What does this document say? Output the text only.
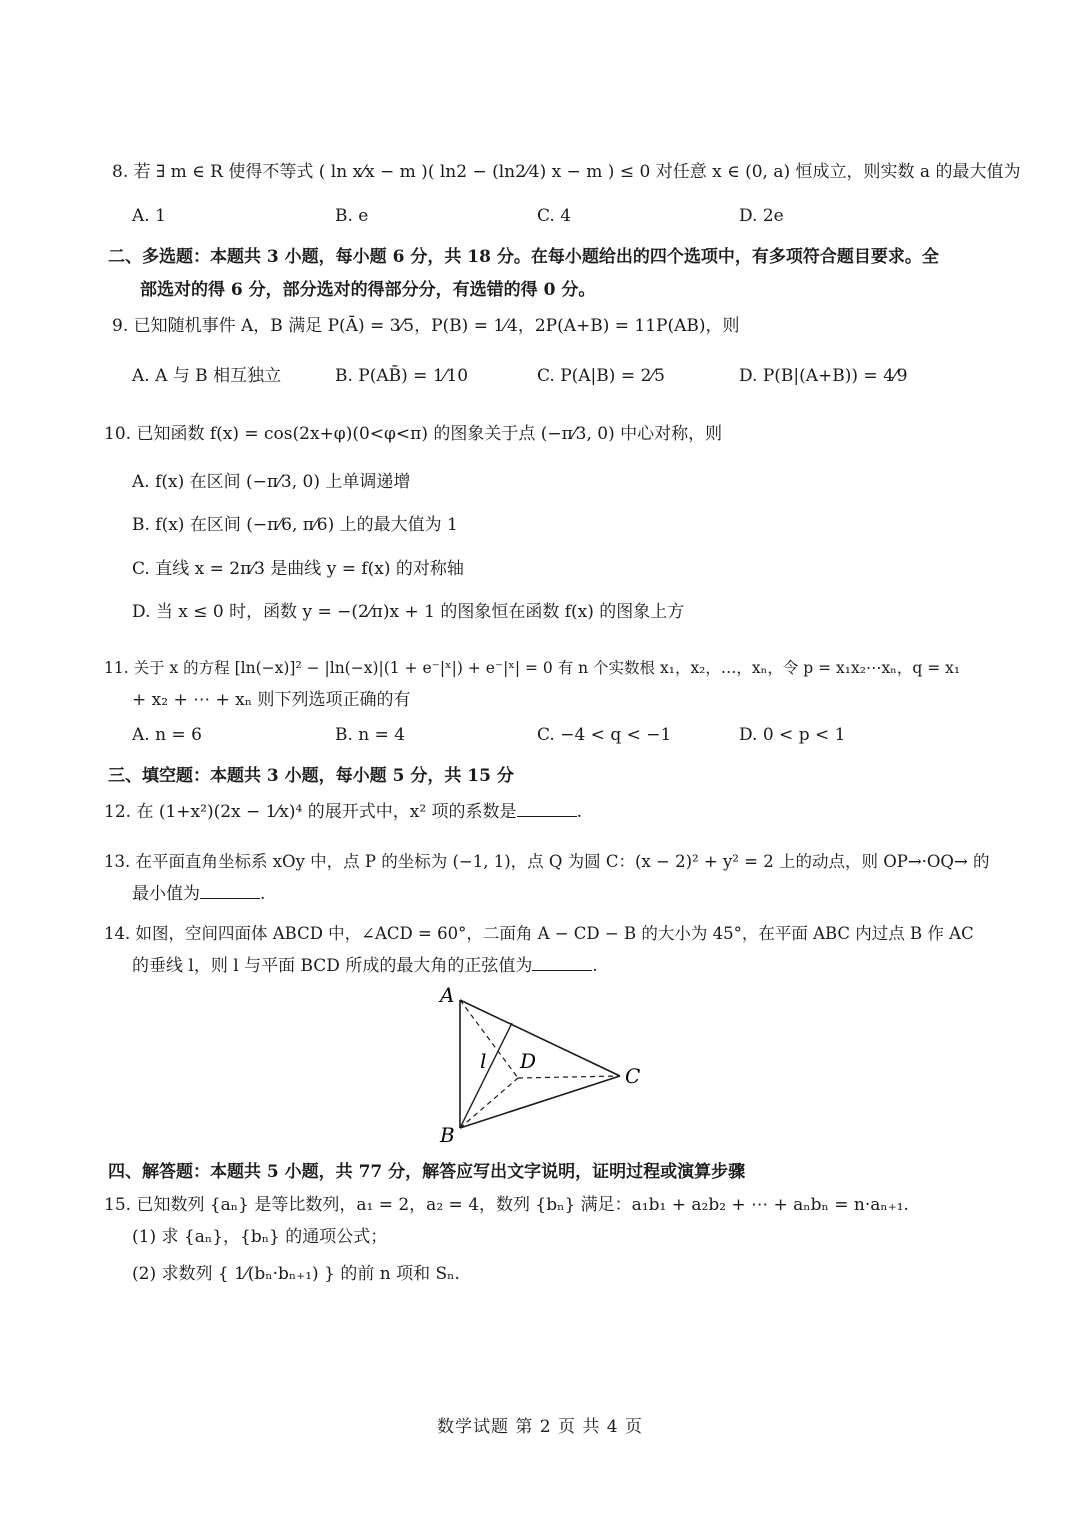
8. 若 ∃ m ∈ R 使得不等式 ( ln x⁄x − m )( ln2 − (ln2⁄4) x − m ) ≤ 0 对任意 x ∈ (0, a) 恒成立，则实数 a 的最大值为
A. 1	B. e	C. 4	D. 2e
二、多选题：本题共 3 小题，每小题 6 分，共 18 分。在每小题给出的四个选项中，有多项符合题目要求。全
部选对的得 6 分，部分选对的得部分分，有选错的得 0 分。
9. 已知随机事件 A，B 满足 P(Ā) = 3⁄5，P(B) = 1⁄4，2P(A+B) = 11P(AB)，则
A. A 与 B 相互独立	B. P(AB̄) = 1⁄10	C. P(A|B) = 2⁄5	D. P(B|(A+B)) = 4⁄9
10. 已知函数 f(x) = cos(2x+φ)(0<φ<π) 的图象关于点 (−π⁄3, 0) 中心对称，则
A. f(x) 在区间 (−π⁄3, 0) 上单调递增
B. f(x) 在区间 (−π⁄6, π⁄6) 上的最大值为 1
C. 直线 x = 2π⁄3 是曲线 y = f(x) 的对称轴
D. 当 x ≤ 0 时，函数 y = −(2⁄π)x + 1 的图象恒在函数 f(x) 的图象上方
11. 关于 x 的方程 [ln(−x)]² − |ln(−x)|(1 + e⁻|ˣ|) + e⁻|ˣ| = 0 有 n 个实数根 x₁，x₂，…，xₙ，令 p = x₁x₂⋯xₙ，q = x₁
+ x₂ + ⋯ + xₙ 则下列选项正确的有
A. n = 6	B. n = 4	C. −4 < q < −1	D. 0 < p < 1
三、填空题：本题共 3 小题，每小题 5 分，共 15 分
12. 在 (1+x²)(2x − 1⁄x)⁴ 的展开式中，x² 项的系数是	.
13. 在平面直角坐标系 xOy 中，点 P 的坐标为 (−1, 1)，点 Q 为圆 C：(x − 2)² + y² = 2 上的动点，则 OP→·OQ→ 的
最小值为	.
14. 如图，空间四面体 ABCD 中，∠ACD = 60°，二面角 A − CD − B 的大小为 45°，在平面 ABC 内过点 B 作 AC
的垂线 l，则 l 与平面 BCD 所成的最大角的正弦值为	.
A
B
C
D
l
四、解答题：本题共 5 小题，共 77 分，解答应写出文字说明，证明过程或演算步骤
15. 已知数列 {aₙ} 是等比数列，a₁ = 2，a₂ = 4，数列 {bₙ} 满足：a₁b₁ + a₂b₂ + ⋯ + aₙbₙ = n·aₙ₊₁.
(1) 求 {aₙ}，{bₙ} 的通项公式；
(2) 求数列 { 1⁄(bₙ·bₙ₊₁) } 的前 n 项和 Sₙ.
数学试题 第 2 页 共 4 页
